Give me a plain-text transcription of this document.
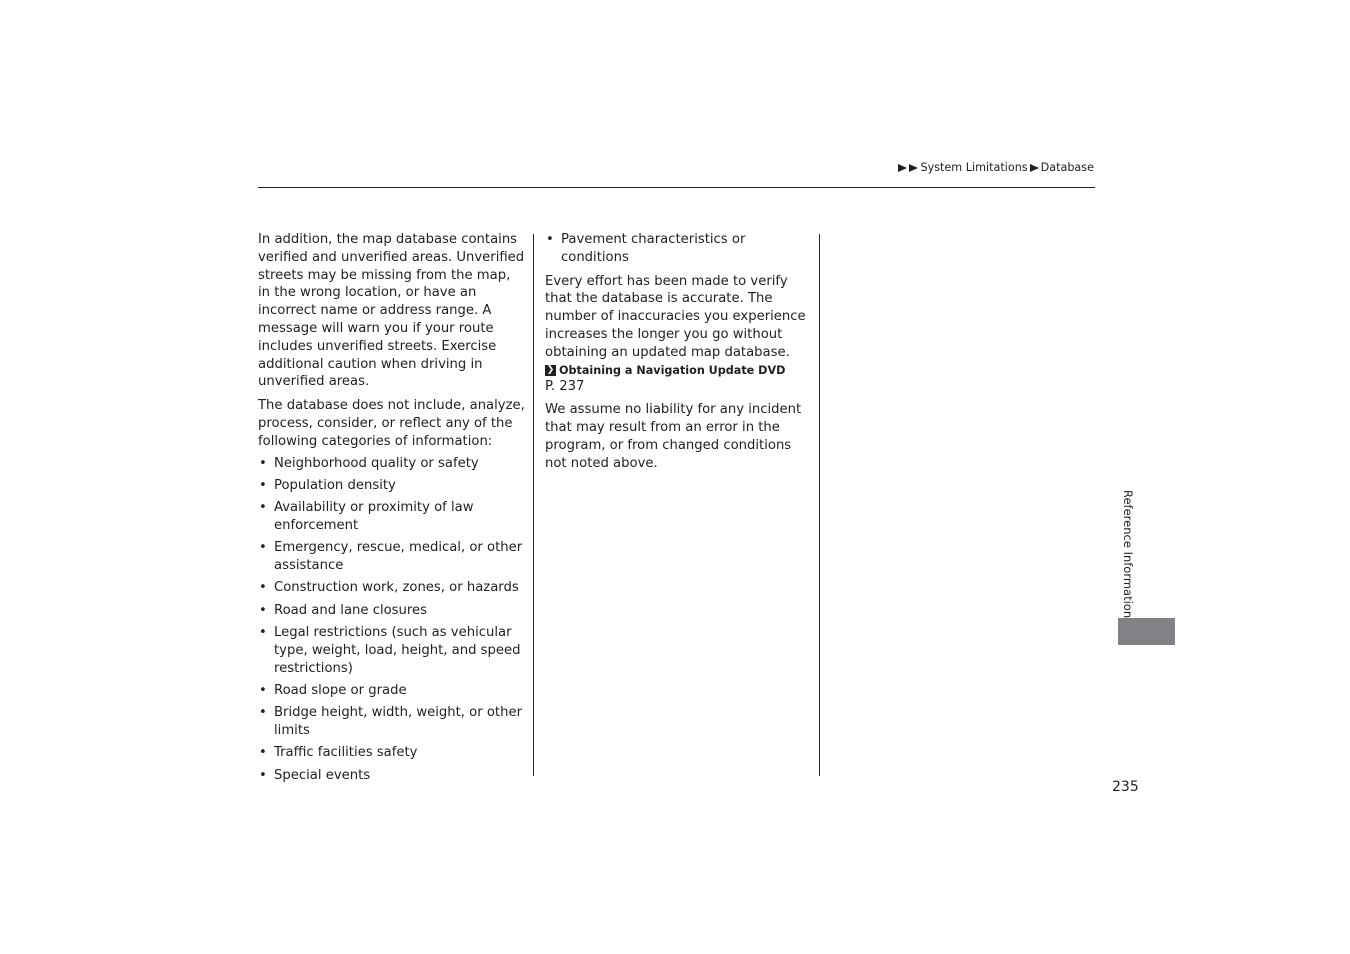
System Limitations Database

In addition, the map database contains verified and unverified areas. Unverified streets may be missing from the map, in the wrong location, or have an incorrect name or address range. A message will warn you if your route includes unverified streets. Exercise additional caution when driving in unverified areas.

The database does not include, analyze, process, consider, or reflect any of the following categories of information:

• Neighborhood quality or safety
• Population density
• Availability or proximity of law enforcement
• Emergency, rescue, medical, or other assistance
• Construction work, zones, or hazards
• Road and lane closures
• Legal restrictions (such as vehicular type, weight, load, height, and speed restrictions)
• Road slope or grade
• Bridge height, width, weight, or other limits
• Traffic facilities safety
• Special events
• Pavement characteristics or conditions

Every effort has been made to verify that the database is accurate. The number of inaccuracies you experience increases the longer you go without obtaining an updated map database.

❯ Obtaining a Navigation Update DVD

P. 237

We assume no liability for any incident that may result from an error in the program, or from changed conditions not noted above.

Reference Information
235
